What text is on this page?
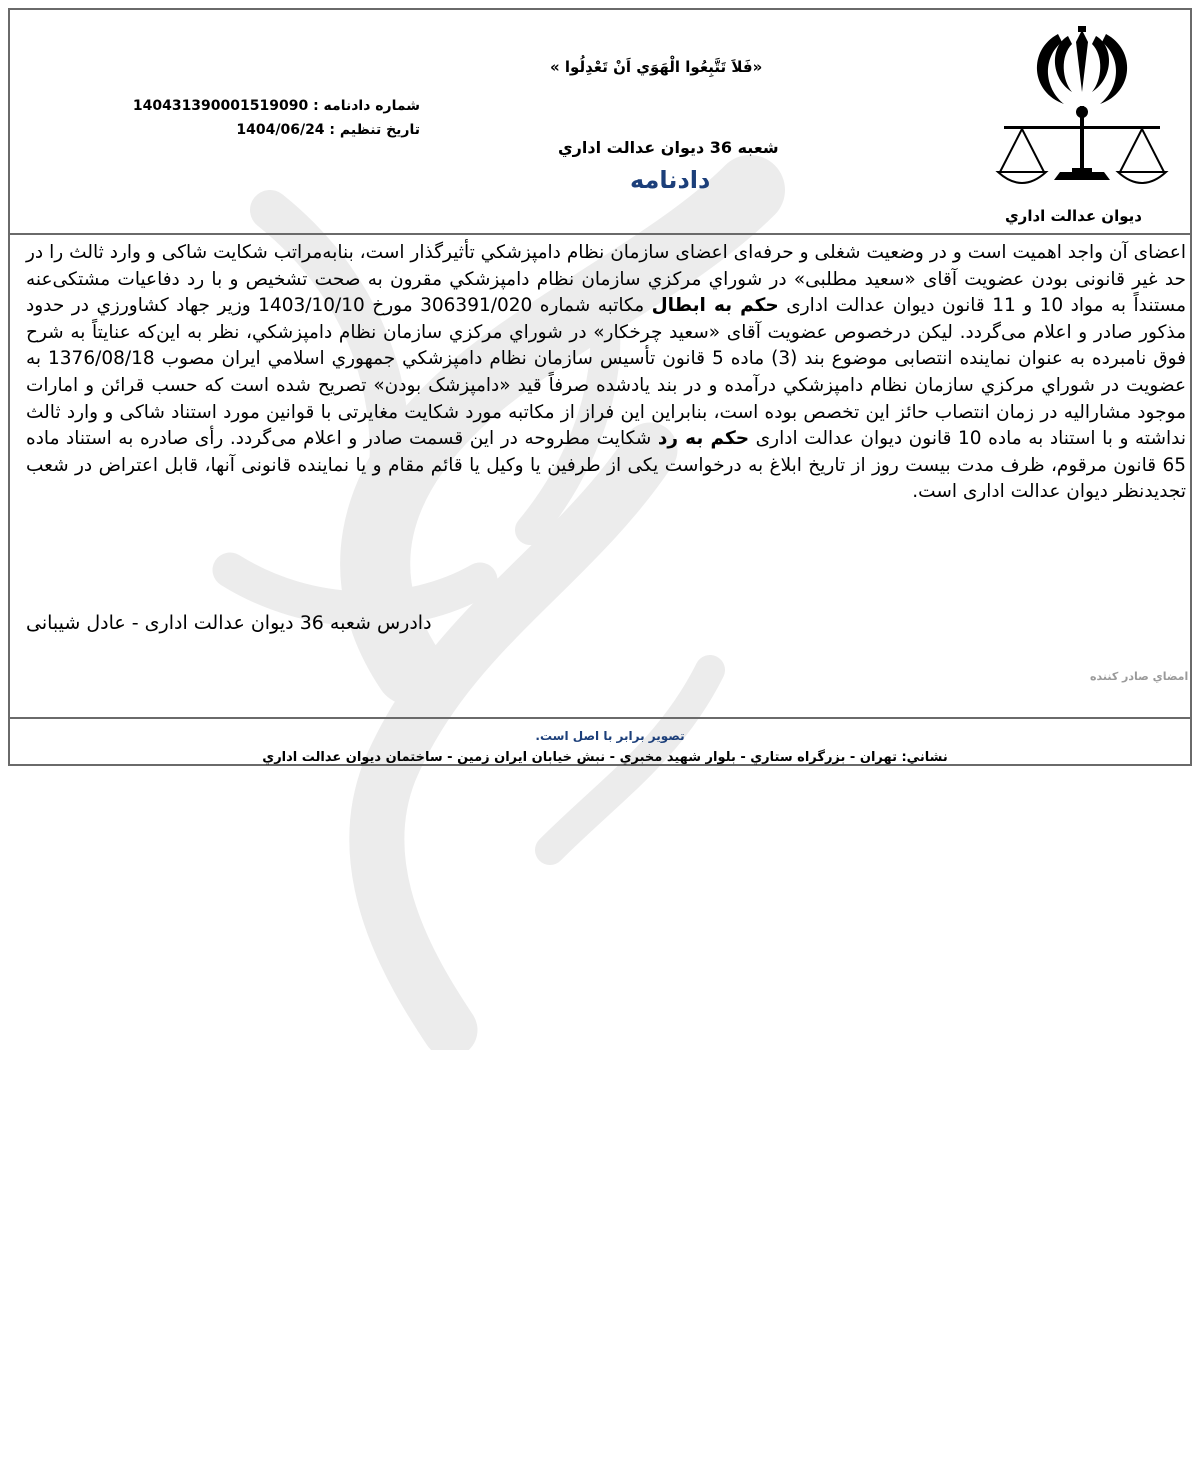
ديوان عدالت اداري
«فَلاَ تَتَّبِعُوا الْهَوَي اَنْ تَعْدِلُوا »
شماره دادنامه : 140431390001519090
تاريخ تنظيم : 1404/06/24
شعبه 36 ديوان عدالت اداري
دادنامه
اعضای آن واجد اهمیت است و در وضعیت شغلی و حرفه‌ای اعضای سازمان نظام دامپزشکي تأثیرگذار است، بنابه‌مراتب شکایت شاکی و وارد ثالث را در حد غیر قانونی بودن عضویت آقای «سعید مطلبی» در شوراي مرکزي سازمان نظام دامپزشکي مقرون به صحت تشخیص و با رد دفاعیات مشتکی‌عنه مستنداً به مواد 10 و 11 قانون دیوان عدالت اداری حکم به ابطال مکاتبه شماره 306391/020 مورخ 1403/10/10 وزير جهاد کشاورزي در حدود مذکور صادر و اعلام می‌گردد. لیکن درخصوص عضویت آقای «سعید چرخکار» در شوراي مرکزي سازمان نظام دامپزشکي، نظر به این‌که عنایتاً به شرح فوق نامبرده به عنوان نماینده انتصابی موضوع بند (3) ماده 5 قانون تأسیس سازمان نظام دامپزشکي جمهوري اسلامي ايران مصوب 1376/08/18 به عضویت در شوراي مرکزي سازمان نظام دامپزشکي درآمده و در بند یادشده صرفاً قید «دامپزشک بودن» تصریح شده است که حسب قرائن و امارات موجود مشارالیه در زمان انتصاب حائز این تخصص بوده است، بنابراین این فراز از مکاتبه مورد شکایت مغایرتی با قوانین مورد استناد شاکی و وارد ثالث نداشته و با استناد به ماده 10 قانون دیوان عدالت اداری حکم به رد شکایت مطروحه در این قسمت صادر و اعلام می‌گردد. رأی صادره به استناد ماده 65 قانون مرقوم، ظرف مدت بیست روز از تاریخ ابلاغ به درخواست یکی از طرفین یا وکیل یا قائم مقام و یا نماینده قانونی آنها، قابل اعتراض در شعب تجدیدنظر دیوان عدالت اداری است.
دادرس شعبه 36 ديوان عدالت اداری - عادل شیبانی
امضاي صادر كننده
تصوير برابر با اصل است.
نشاني: تهران - بزرگراه ستاري - بلوار شهيد مخبري - نبش خيابان ايران زمين - ساختمان ديوان عدالت اداري
